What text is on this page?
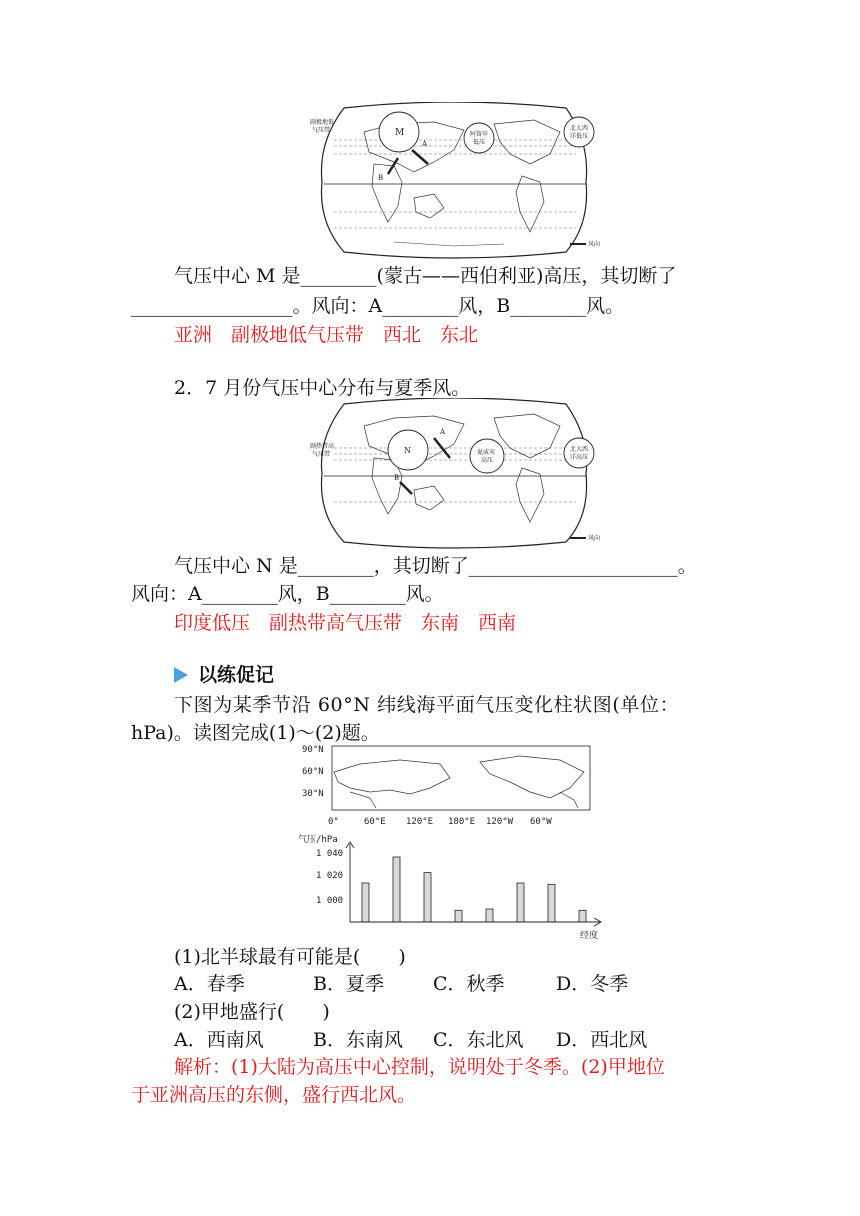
副极地低
气压带	M	阿留申
低压
北大西
洋低压
A
B
风向
气压中心 M 是________(蒙古——西伯利亚)高压，其切断了
_________________。风向：A________风，B________风。
亚洲　副极地低气压带　西北　东北
2．7 月份气压中心分布与夏季风。
副热带高
气压带	N	夏威夷
高压
北大西
洋高压
A
B
风向
气压中心 N 是________，其切断了______________________。
风向：A________风，B________风。
印度低压　副热带高气压带　东南　西南
以练促记
下图为某季节沿 60°N 纬线海平面气压变化柱状图(单位：
hPa)。读图完成(1)～(2)题。
90°N
60°N
30°N
0°	60°E 120°E 180°E 120°W 60°W
气压/hPa
经度
1 040
1 020
1 000
(1)北半球最有可能是(　　)
A．春季	B．夏季	C．秋季	D．冬季
(2)甲地盛行(　　)
A．西南风	B．东南风 C．东北风 D．西北风
解析：(1)大陆为高压中心控制，说明处于冬季。(2)甲地位
于亚洲高压的东侧，盛行西北风。
